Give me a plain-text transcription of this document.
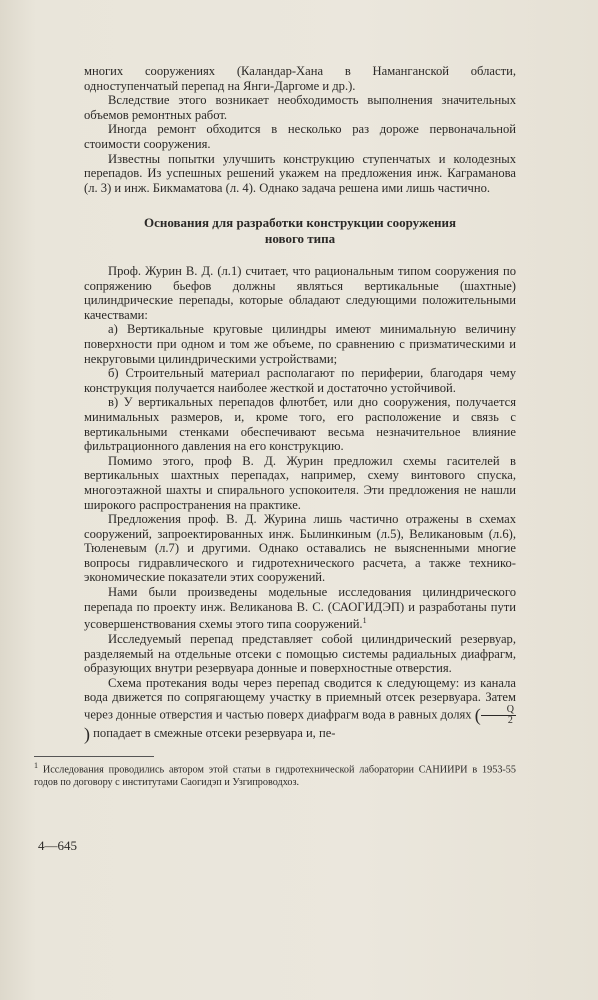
многих сооружениях (Каландар-Хана в Наманганской области, одноступенчатый перепад на Янги-Даргоме и др.).

Вследствие этого возникает необходимость выполнения значительных объемов ремонтных работ.

Иногда ремонт обходится в несколько раз дороже первоначальной стоимости сооружения.

Известны попытки улучшить конструкцию ступенчатых и колодезных перепадов. Из успешных решений укажем на предложения инж. Каграманова (л. 3) и инж. Бикмаматова (л. 4). Однако задача решена ими лишь частично.

Основания для разработки конструкции сооружения
нового типа

Проф. Журин В. Д. (л.1) считает, что рациональным типом сооружения по сопряжению бьефов должны являться вертикальные (шахтные) цилиндрические перепады, которые обладают следующими положительными качествами:

а) Вертикальные круговые цилиндры имеют минимальную величину поверхности при одном и том же объеме, по сравнению с призматическими и некруговыми цилиндрическими устройствами;

б) Строительный материал располагают по периферии, благодаря чему конструкция получается наиболее жесткой и достаточно устойчивой.

в) У вертикальных перепадов флютбет, или дно сооружения, получается минимальных размеров, и, кроме того, его расположение и связь с вертикальными стенками обеспечивают весьма незначительное влияние фильтрационного давления на его конструкцию.

Помимо этого, проф В. Д. Журин предложил схемы гасителей в вертикальных шахтных перепадах, например, схему винтового спуска, многоэтажной шахты и спирального успокоителя. Эти предложения не нашли широкого распространения на практике.

Предложения проф. В. Д. Журина лишь частично отражены в схемах сооружений, запроектированных инж. Былинкиным (л.5), Великановым (л.6), Тюленевым (л.7) и другими. Однако оставались не выясненными многие вопросы гидравлического и гидротехнического расчета, а также технико-экономические показатели этих сооружений.

Нами были произведены модельные исследования цилиндрического перепада по проекту инж. Великанова В. С. (САОГИДЭП) и разработаны пути усовершенствования схемы этого типа сооружений.$^1$

Исследуемый перепад представляет собой цилиндрический резервуар, разделяемый на отдельные отсеки с помощью системы радиальных диафрагм, образующих внутри резервуара донные и поверхностные отверстия.

Схема протекания воды через перепад сводится к следующему: из канала вода движется по сопрягающему участку в приемный отсек резервуара. Затем через донные отверстия и частью поверх диафрагм вода в равных долях ( $\frac{Q}{2}$
) попадает в смежные отсеки резервуара и, пе-

$^1$ Исследования проводились автором этой статьи в гидротехнической лаборатории САНИИРИ в 1953-55 годов по договору с институтами Саогидэп и Узгипроводхоз.
4—645
